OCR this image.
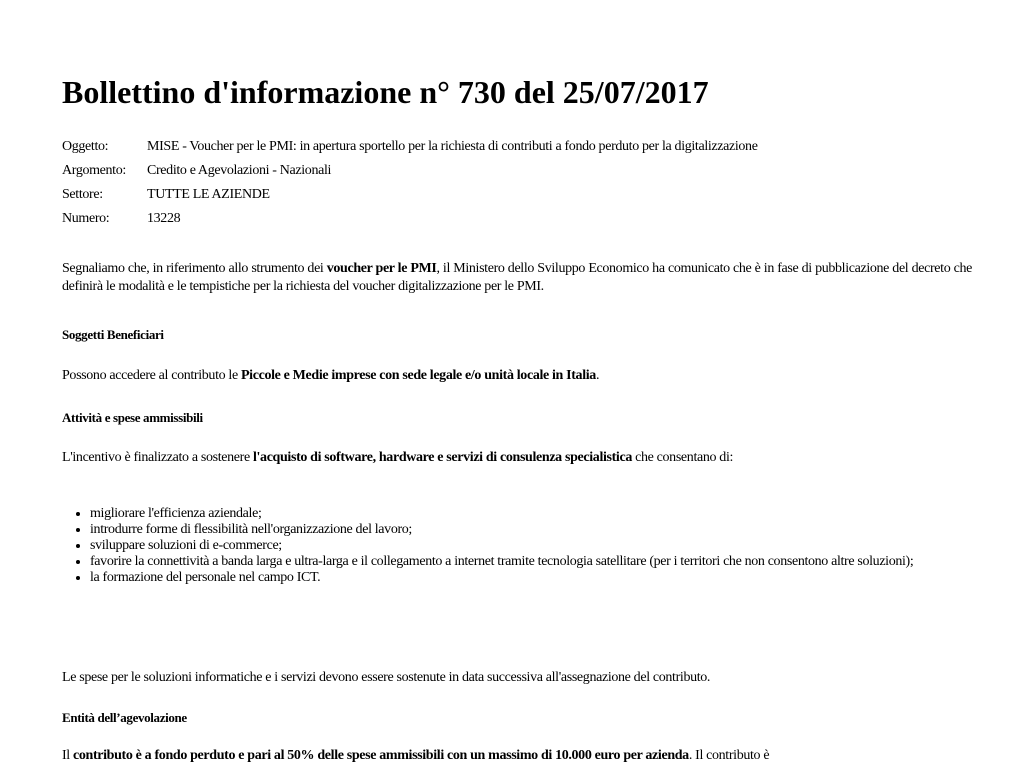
Bollettino d'informazione n° 730 del 25/07/2017
Oggetto:	MISE - Voucher per le PMI: in apertura sportello per la richiesta di contributi a fondo perduto per la digitalizzazione
Argomento:	Credito e Agevolazioni - Nazionali
Settore:	TUTTE LE AZIENDE
Numero:	13228

Segnaliamo che, in riferimento allo strumento dei voucher per le PMI, il Ministero dello Sviluppo Economico ha comunicato che è in fase di pubblicazione del decreto che definirà le modalità e le tempistiche per la richiesta del voucher digitalizzazione per le PMI.

Soggetti Beneficiari

Possono accedere al contributo le Piccole e Medie imprese con sede legale e/o unità locale in Italia.

Attività e spese ammissibili

L'incentivo è finalizzato a sostenere l'acquisto di software, hardware e servizi di consulenza specialistica che consentano di:

• migliorare l'efficienza aziendale;
• introdurre forme di flessibilità nell'organizzazione del lavoro;
• sviluppare soluzioni di e-commerce;
• favorire la connettività a banda larga e ultra-larga e il collegamento a internet tramite tecnologia satellitare (per i territori che non consentono altre soluzioni);
• la formazione del personale nel campo ICT.

Le spese per le soluzioni informatiche e i servizi devono essere sostenute in data successiva all'assegnazione del contributo.

Entità dell’agevolazione

Il contributo è a fondo perduto e pari al 50% delle spese ammissibili con un massimo di 10.000 euro per azienda. Il contributo è
